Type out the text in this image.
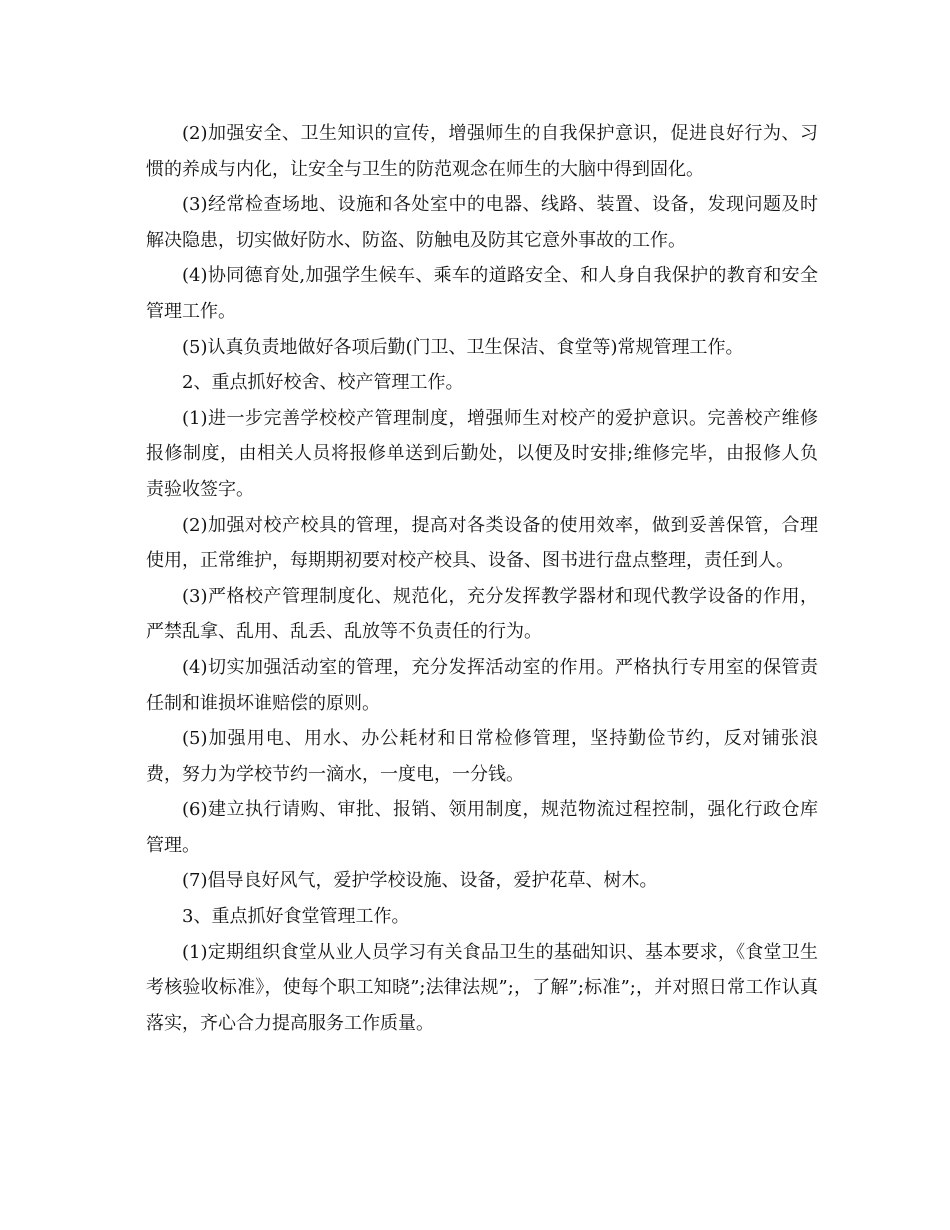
(2)加强安全、卫生知识的宣传，增强师生的自我保护意识，促进良好行为、习惯的养成与内化，让安全与卫生的防范观念在师生的大脑中得到固化。

(3)经常检查场地、设施和各处室中的电器、线路、装置、设备，发现问题及时解决隐患，切实做好防水、防盗、防触电及防其它意外事故的工作。

(4)协同德育处,加强学生候车、乘车的道路安全、和人身自我保护的教育和安全管理工作。

(5)认真负责地做好各项后勤(门卫、卫生保洁、食堂等)常规管理工作。

2、重点抓好校舍、校产管理工作。

(1)进一步完善学校校产管理制度，增强师生对校产的爱护意识。完善校产维修报修制度，由相关人员将报修单送到后勤处，以便及时安排;维修完毕，由报修人负责验收签字。

(2)加强对校产校具的管理，提高对各类设备的使用效率，做到妥善保管，合理使用，正常维护，每期期初要对校产校具、设备、图书进行盘点整理，责任到人。

(3)严格校产管理制度化、规范化，充分发挥教学器材和现代教学设备的作用，严禁乱拿、乱用、乱丢、乱放等不负责任的行为。

(4)切实加强活动室的管理，充分发挥活动室的作用。严格执行专用室的保管责任制和谁损坏谁赔偿的原则。

(5)加强用电、用水、办公耗材和日常检修管理，坚持勤俭节约，反对铺张浪费，努力为学校节约一滴水，一度电，一分钱。

(6)建立执行请购、审批、报销、领用制度，规范物流过程控制，强化行政仓库管理。

(7)倡导良好风气，爱护学校设施、设备，爱护花草、树木。

3、重点抓好食堂管理工作。

(1)定期组织食堂从业人员学习有关食品卫生的基础知识、基本要求，《食堂卫生考核验收标准》，使每个职工知晓”;法律法规”;，了解”;标准”;，并对照日常工作认真落实，齐心合力提高服务工作质量。
